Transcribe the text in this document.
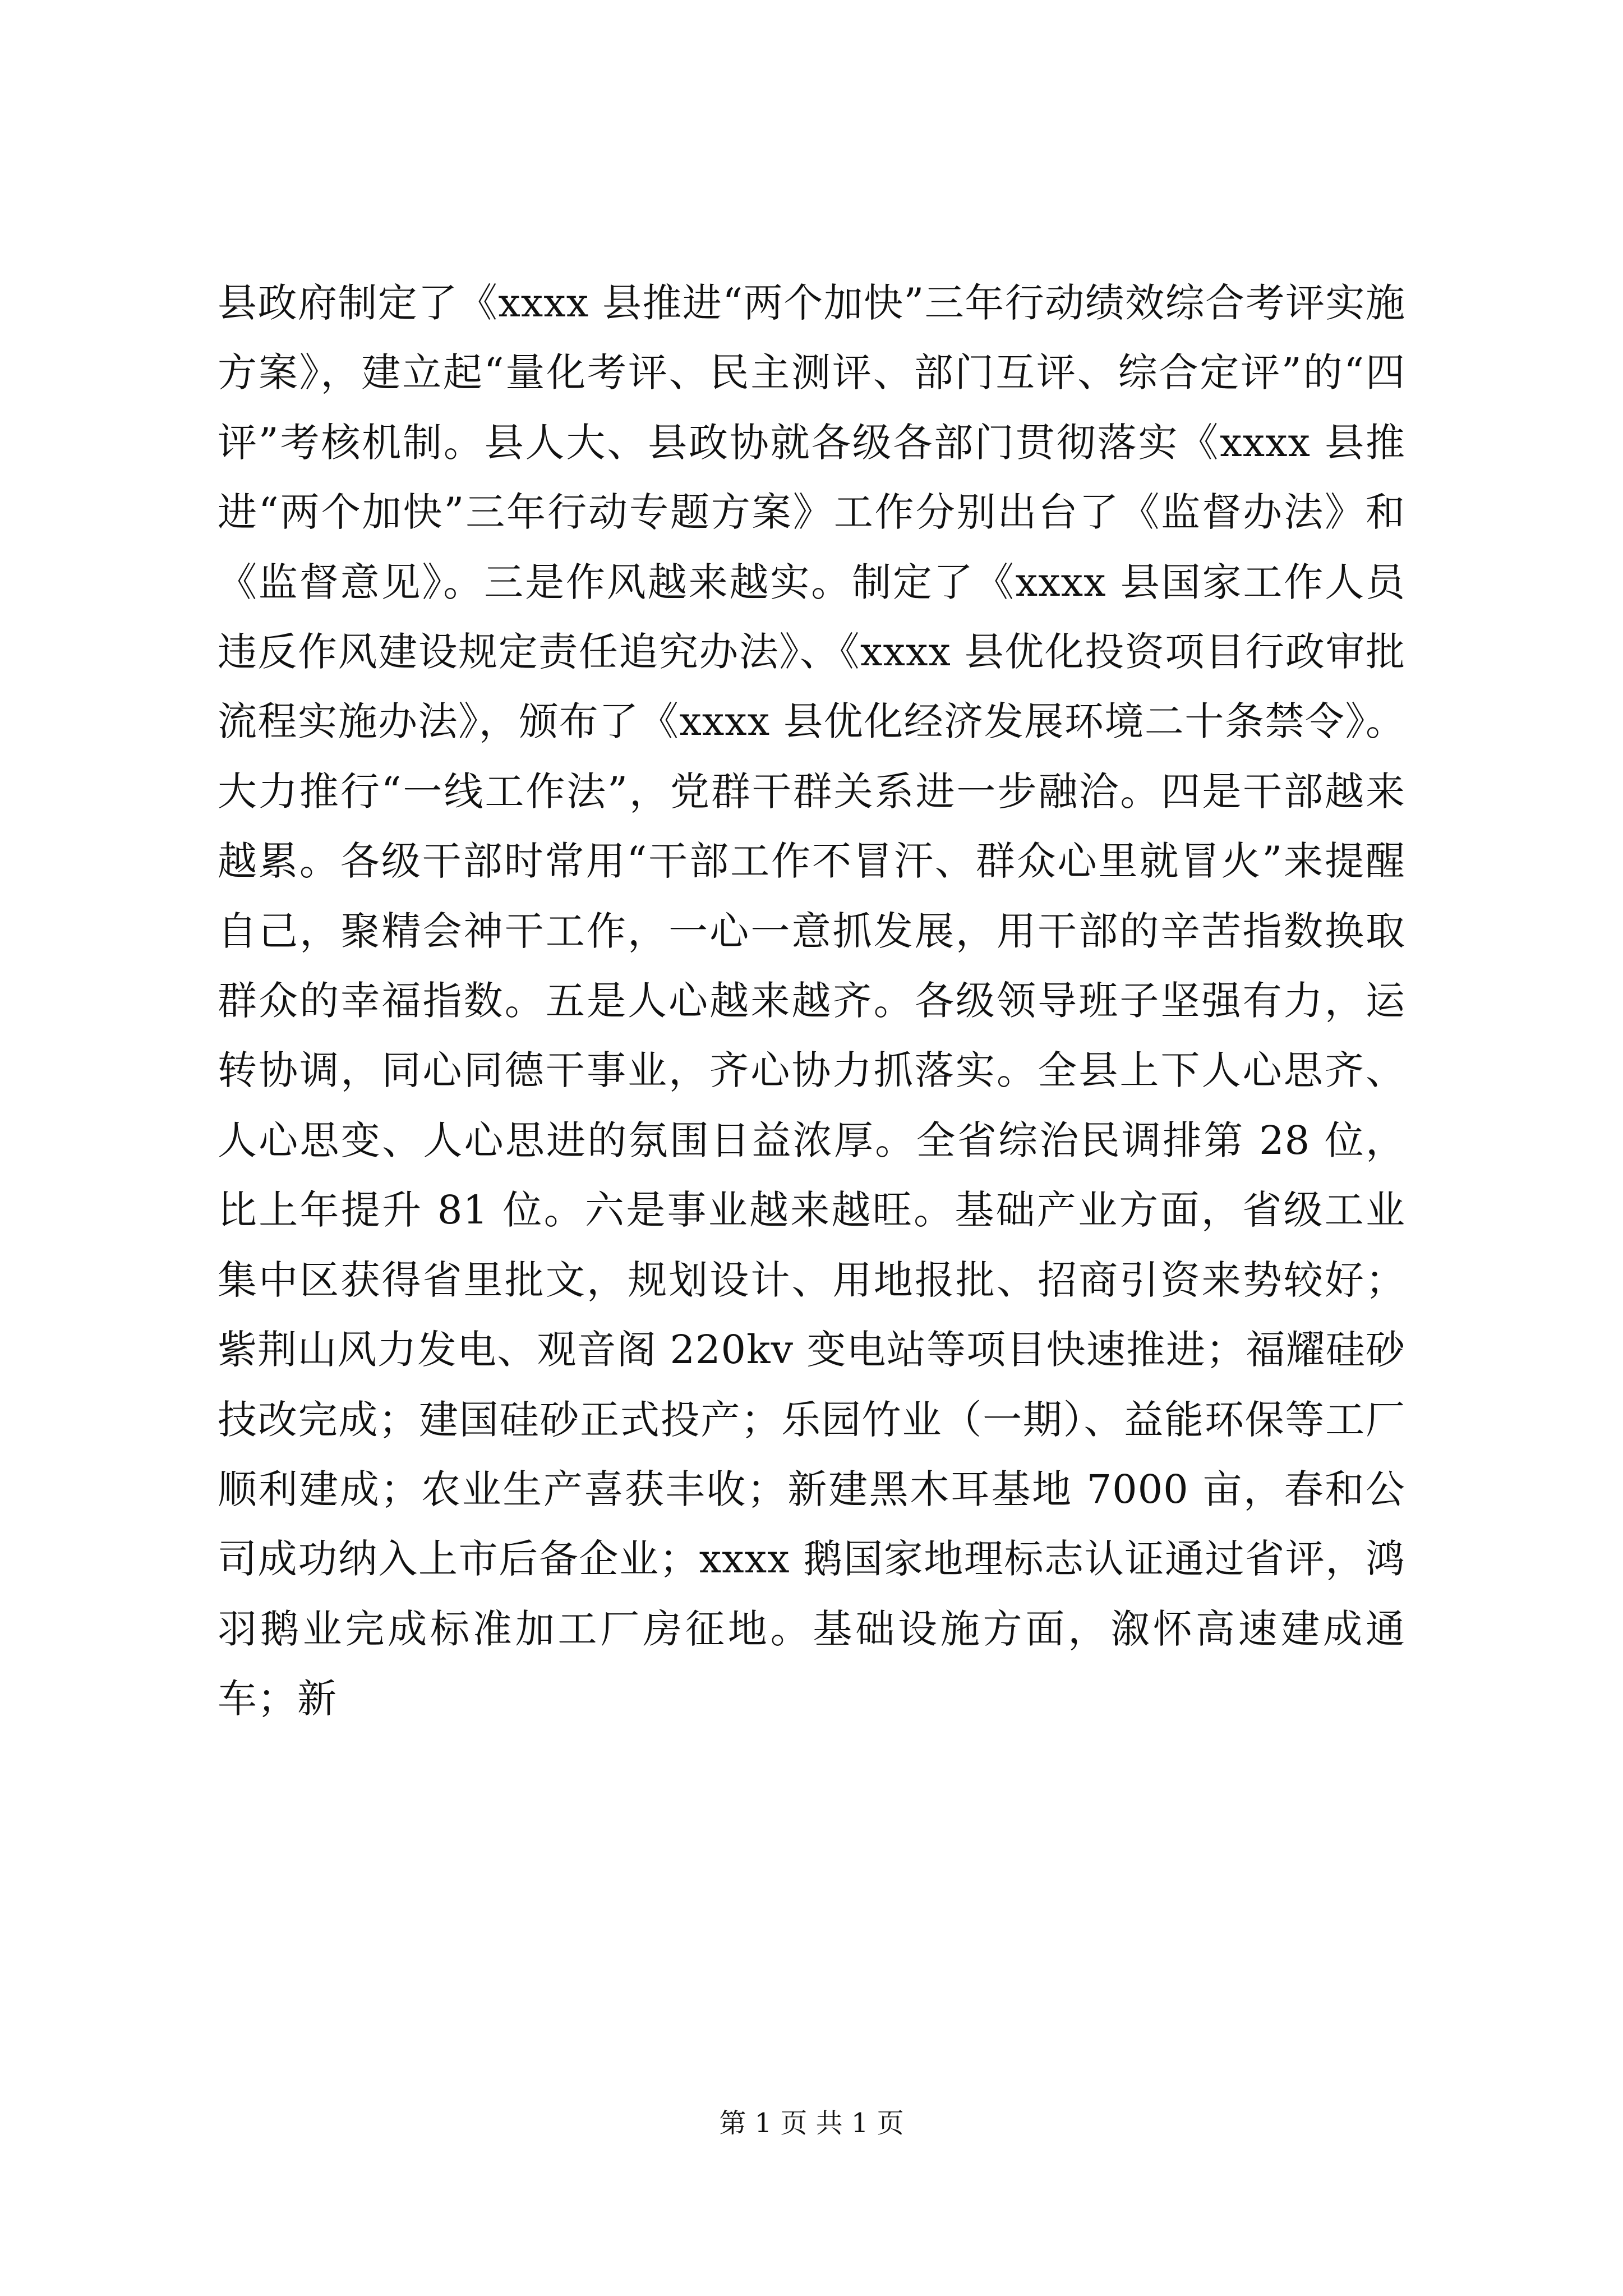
县政府制定了《xxxx 县推进“两个加快”三年行动绩效综合考评实施方案》，建立起“量化考评、民主测评、部门互评、综合定评”的“四评”考核机制。县人大、县政协就各级各部门贯彻落实《xxxx 县推进“两个加快”三年行动专题方案》工作分别出台了《监督办法》和《监督意见》。三是作风越来越实。制定了《xxxx 县国家工作人员违反作风建设规定责任追究办法》、《xxxx 县优化投资项目行政审批流程实施办法》，颁布了《xxxx 县优化经济发展环境二十条禁令》。大力推行“一线工作法”，党群干群关系进一步融洽。四是干部越来越累。各级干部时常用“干部工作不冒汗、群众心里就冒火”来提醒自己，聚精会神干工作，一心一意抓发展，用干部的辛苦指数换取群众的幸福指数。五是人心越来越齐。各级领导班子坚强有力，运转协调，同心同德干事业，齐心协力抓落实。全县上下人心思齐、人心思变、人心思进的氛围日益浓厚。全省综治民调排第 28 位，比上年提升 81 位。六是事业越来越旺。基础产业方面，省级工业集中区获得省里批文，规划设计、用地报批、招商引资来势较好；紫荆山风力发电、观音阁 220kv 变电站等项目快速推进；福耀硅砂技改完成；建国硅砂正式投产；乐园竹业（一期）、益能环保等工厂顺利建成；农业生产喜获丰收；新建黑木耳基地 7000 亩，春和公司成功纳入上市后备企业；xxxx 鹅国家地理标志认证通过省评，鸿羽鹅业完成标准加工厂房征地。基础设施方面，溆怀高速建成通车；新

第 1 页 共 1 页
